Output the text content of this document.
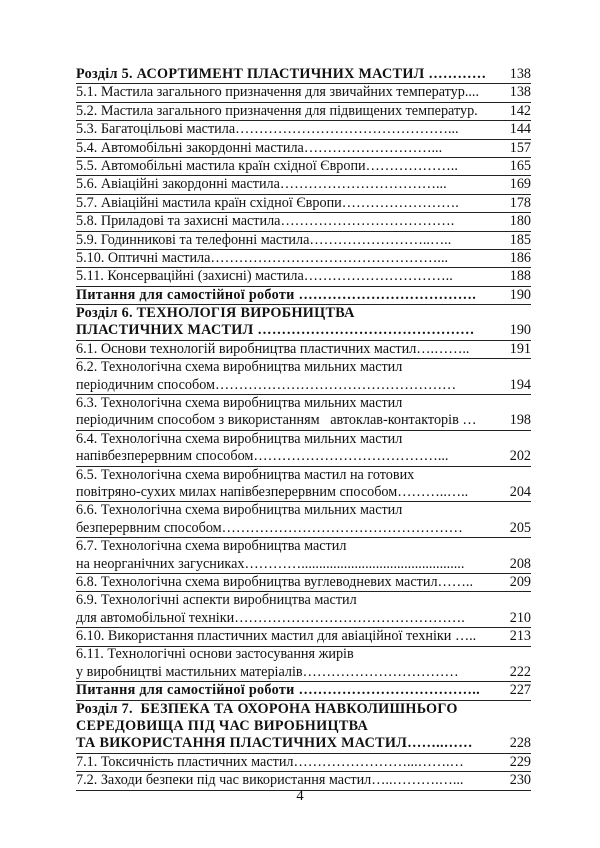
Розділ 5. АСОРТИМЕНТ ПЛАСТИЧНИХ МАСТИЛ …………	138
5.1. Мастила загального призначення для звичайних температур....	138
5.2. Мастила загального призначення для підвищених температур.	142
5.3. Багатоцільові мастила………………………………………...	144
5.4. Автомобільні закордонні мастила………………………...	157
5.5. Автомобільні мастила країн східної Європи………………..	165
5.6. Авіаційні закордонні мастила……………………………...	169
5.7. Авіаційні мастила країн східної Європи…………………….	178
5.8. Приладові та захисні мастила……………………………….	180
5.9. Годинникові та телефонні мастила……………………..…..	185
5.10. Оптичні мастила…………………………………………...	186
5.11. Консерваційні (захисні) мастила…………………………..	188
Питання для самостійної роботи ……………………………….	190
Розділ 6. ТЕХНОЛОГІЯ ВИРОБНИЦТВА
ПЛАСТИЧНИХ МАСТИЛ ………………………………………	190
6.1. Основи технологій виробництва пластичних мастил….……..	191
6.2. Технологічна схема виробництва мильних мастил
періодичним способом……………………………………………	194
6.3. Технологічна схема виробництва мильних мастил
періодичним способом з використанням   автоклав-контакторів …	198
6.4. Технологічна схема виробництва мильних мастил
напівбезперервним способом…………………………………...	202
6.5. Технологічна схема виробництва мастил на готових
повітряно-сухих милах напівбезперервним способом………..…..	204
6.6. Технологічна схема виробництва мильних мастил
безперервним способом……………………………………………	205
6.7. Технологічна схема виробництва мастил
на неорганічних загусниках…………..............................................	208
6.8. Технологічна схема виробництва вуглеводневих мастил……..	209
6.9. Технологічні аспекти виробництва мастил
для автомобільної техніки………………………………………….	210
6.10. Використання пластичних мастил для авіаційної техніки …..	213
6.11. Технологічні основи застосування жирів
у виробництві мастильних матеріалів……………………………	222
Питання для самостійної роботи ………………………………..	227
Розділ 7.  БЕЗПЕКА ТА ОХОРОНА НАВКОЛИШНЬОГО
СЕРЕДОВИЩА ПІД ЧАС ВИРОБНИЦТВА
ТА ВИКОРИСТАННЯ ПЛАСТИЧНИХ МАСТИЛ……..……	228
7.1. Токсичність пластичних мастил……………………...…….…	229
7.2. Заходи безпеки під час використання мастил…..……….…...	230
4
